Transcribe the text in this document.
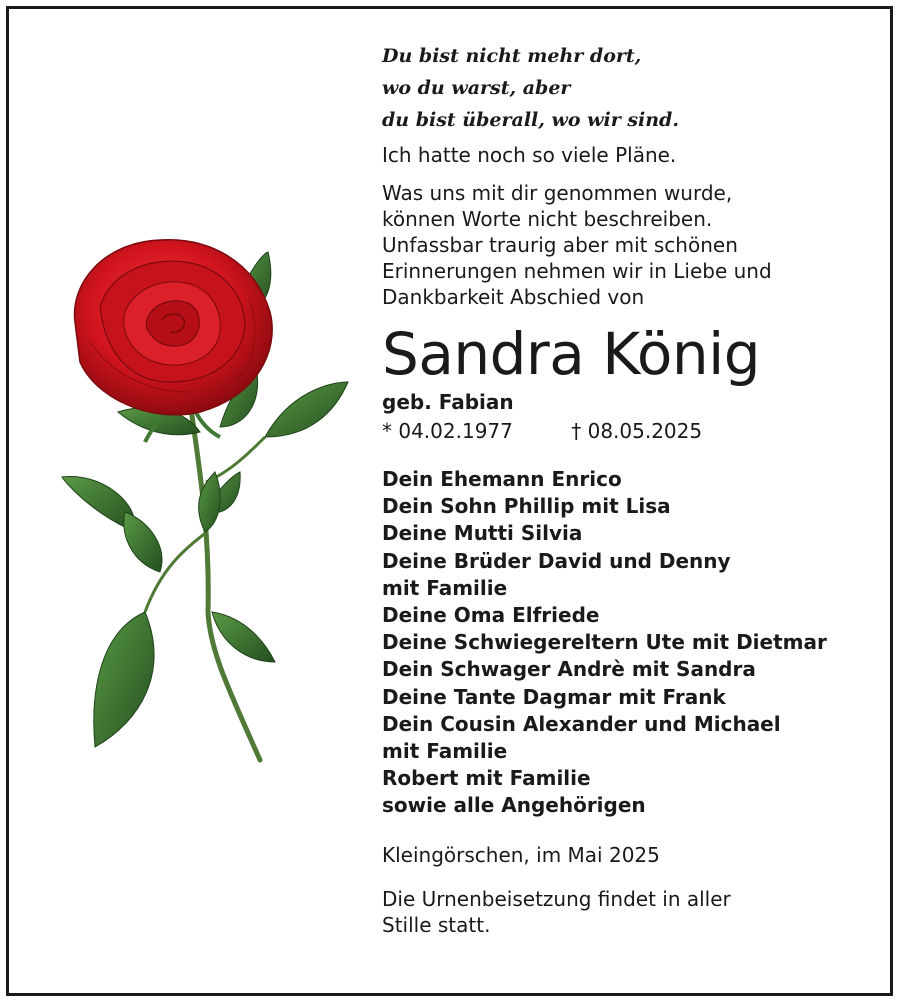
Du bist nicht mehr dort,
wo du warst, aber
du bist überall, wo wir sind.
Ich hatte noch so viele Pläne.
Was uns mit dir genommen wurde,
können Worte nicht beschreiben.
Unfassbar traurig aber mit schönen
Erinnerungen nehmen wir in Liebe und
Dankbarkeit Abschied von
Sandra König
geb. Fabian
* 04.02.1977	† 08.05.2025
Dein Ehemann Enrico
Dein Sohn Phillip mit Lisa
Deine Mutti Silvia
Deine Brüder David und Denny
mit Familie
Deine Oma Elfriede
Deine Schwiegereltern Ute mit Dietmar
Dein Schwager Andrè mit Sandra
Deine Tante Dagmar mit Frank
Dein Cousin Alexander und Michael
mit Familie
Robert mit Familie
sowie alle Angehörigen
Kleingörschen, im Mai 2025
Die Urnenbeisetzung findet in aller
Stille statt.
